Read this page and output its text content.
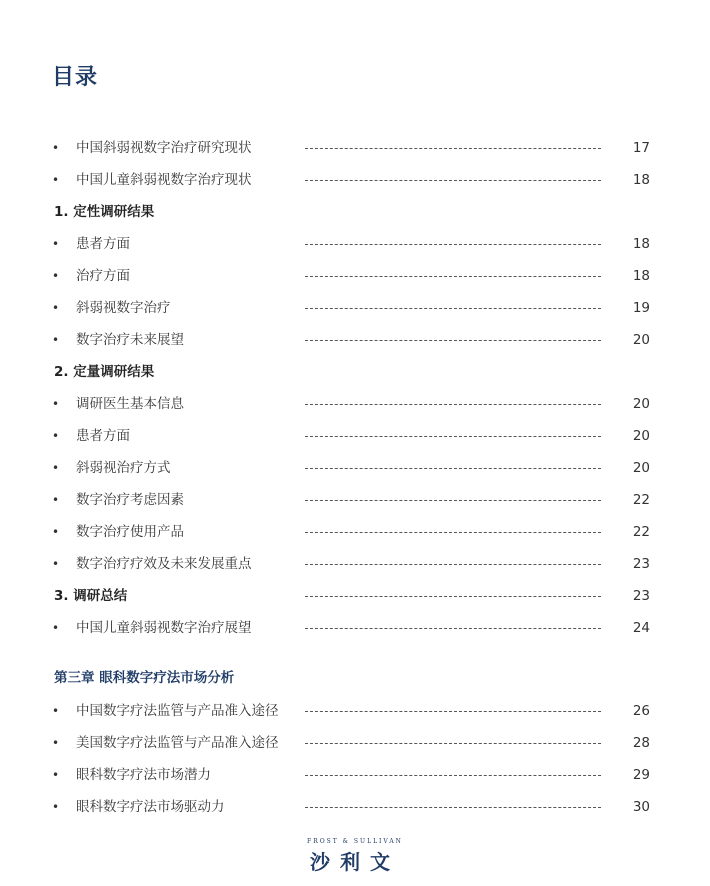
目录
• 中国斜弱视数字治疗研究现状	17
• 中国儿童斜弱视数字治疗现状	18
1. 定性调研结果
• 患者方面	18
• 治疗方面	18
• 斜弱视数字治疗	19
• 数字治疗未来展望	20
2. 定量调研结果
• 调研医生基本信息	20
• 患者方面	20
• 斜弱视治疗方式	20
• 数字治疗考虑因素	22
• 数字治疗使用产品	22
• 数字治疗疗效及未来发展重点	23
3. 调研总结	23
• 中国儿童斜弱视数字治疗展望	24
第三章 眼科数字疗法市场分析
• 中国数字疗法监管与产品准入途径	26
• 美国数字疗法监管与产品准入途径	28
• 眼科数字疗法市场潜力	29
• 眼科数字疗法市场驱动力	30
FROST & SULLIVAN
沙利文
